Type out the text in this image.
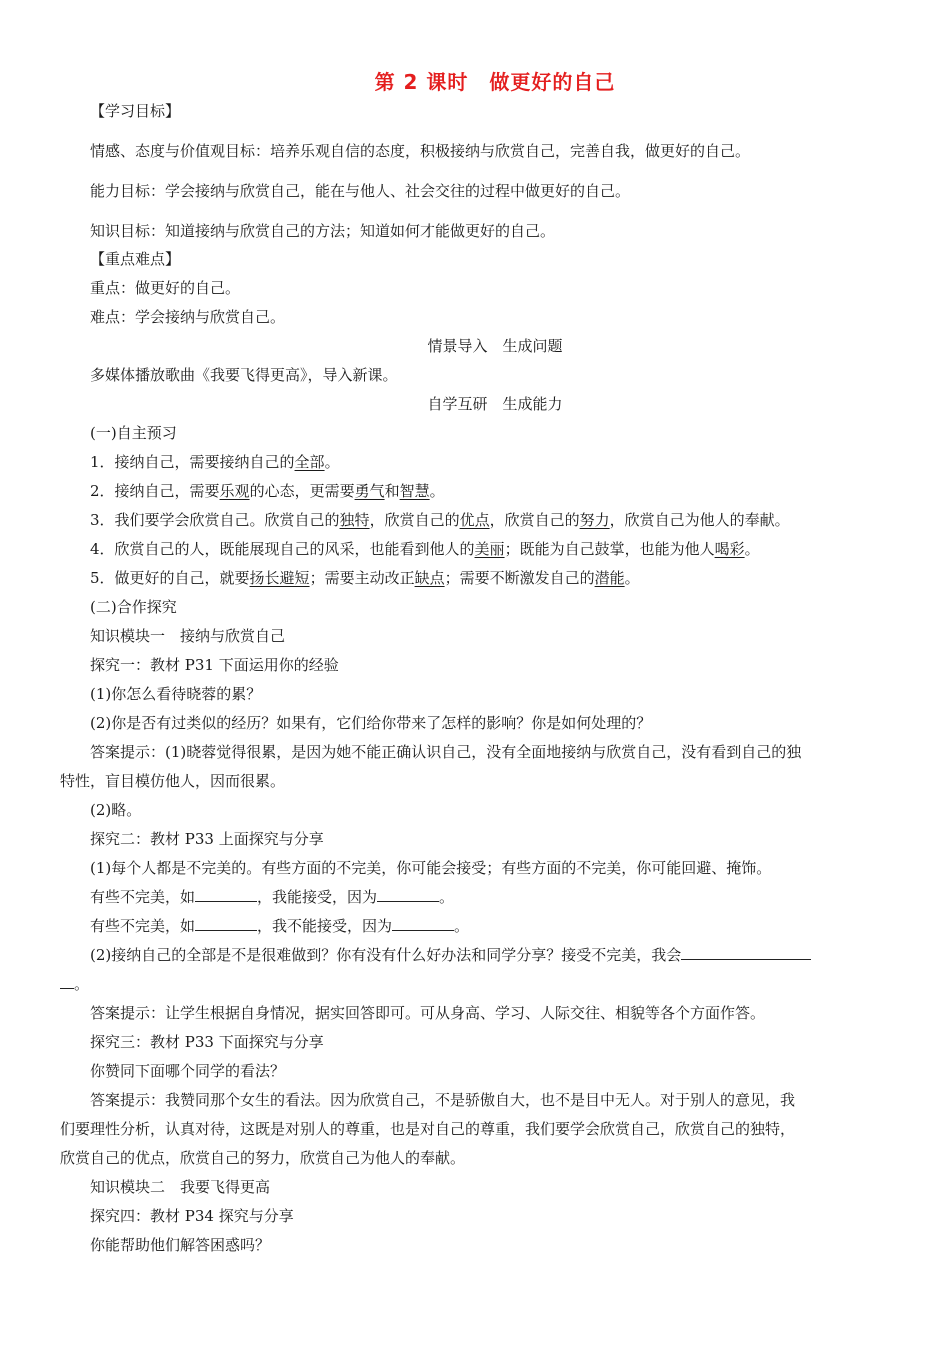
第 2 课时　做更好的自己
【学习目标】
情感、态度与价值观目标：培养乐观自信的态度，积极接纳与欣赏自己，完善自我，做更好的自己。
能力目标：学会接纳与欣赏自己，能在与他人、社会交往的过程中做更好的自己。
知识目标：知道接纳与欣赏自己的方法；知道如何才能做更好的自己。
【重点难点】
重点：做更好的自己。
难点：学会接纳与欣赏自己。
情景导入　生成问题
多媒体播放歌曲《我要飞得更高》，导入新课。
自学互研　生成能力
(一)自主预习
1．接纳自己，需要接纳自己的全部。
2．接纳自己，需要乐观的心态，更需要勇气和智慧。
3．我们要学会欣赏自己。欣赏自己的独特，欣赏自己的优点，欣赏自己的努力，欣赏自己为他人的奉献。
4．欣赏自己的人，既能展现自己的风采，也能看到他人的美丽；既能为自己鼓掌，也能为他人喝彩。
5．做更好的自己，就要扬长避短；需要主动改正缺点；需要不断激发自己的潜能。
(二)合作探究
知识模块一　接纳与欣赏自己
探究一：教材 P31 下面运用你的经验
(1)你怎么看待晓蓉的累？
(2)你是否有过类似的经历？如果有，它们给你带来了怎样的影响？你是如何处理的？
答案提示：(1)晓蓉觉得很累，是因为她不能正确认识自己，没有全面地接纳与欣赏自己，没有看到自己的独
特性，盲目模仿他人，因而很累。
(2)略。
探究二：教材 P33 上面探究与分享
(1)每个人都是不完美的。有些方面的不完美，你可能会接受；有些方面的不完美，你可能回避、掩饰。
有些不完美，如	，我能接受，因为	。
有些不完美，如	，我不能接受，因为	。
(2)接纳自己的全部是不是很难做到？你有没有什么好办法和同学分享？接受不完美，我会
。
答案提示：让学生根据自身情况，据实回答即可。可从身高、学习、人际交往、相貌等各个方面作答。
探究三：教材 P33 下面探究与分享
你赞同下面哪个同学的看法？
答案提示：我赞同那个女生的看法。因为欣赏自己，不是骄傲自大，也不是目中无人。对于别人的意见，我
们要理性分析，认真对待，这既是对别人的尊重，也是对自己的尊重，我们要学会欣赏自己，欣赏自己的独特，
欣赏自己的优点，欣赏自己的努力，欣赏自己为他人的奉献。
知识模块二　我要飞得更高
探究四：教材 P34 探究与分享
你能帮助他们解答困惑吗？
